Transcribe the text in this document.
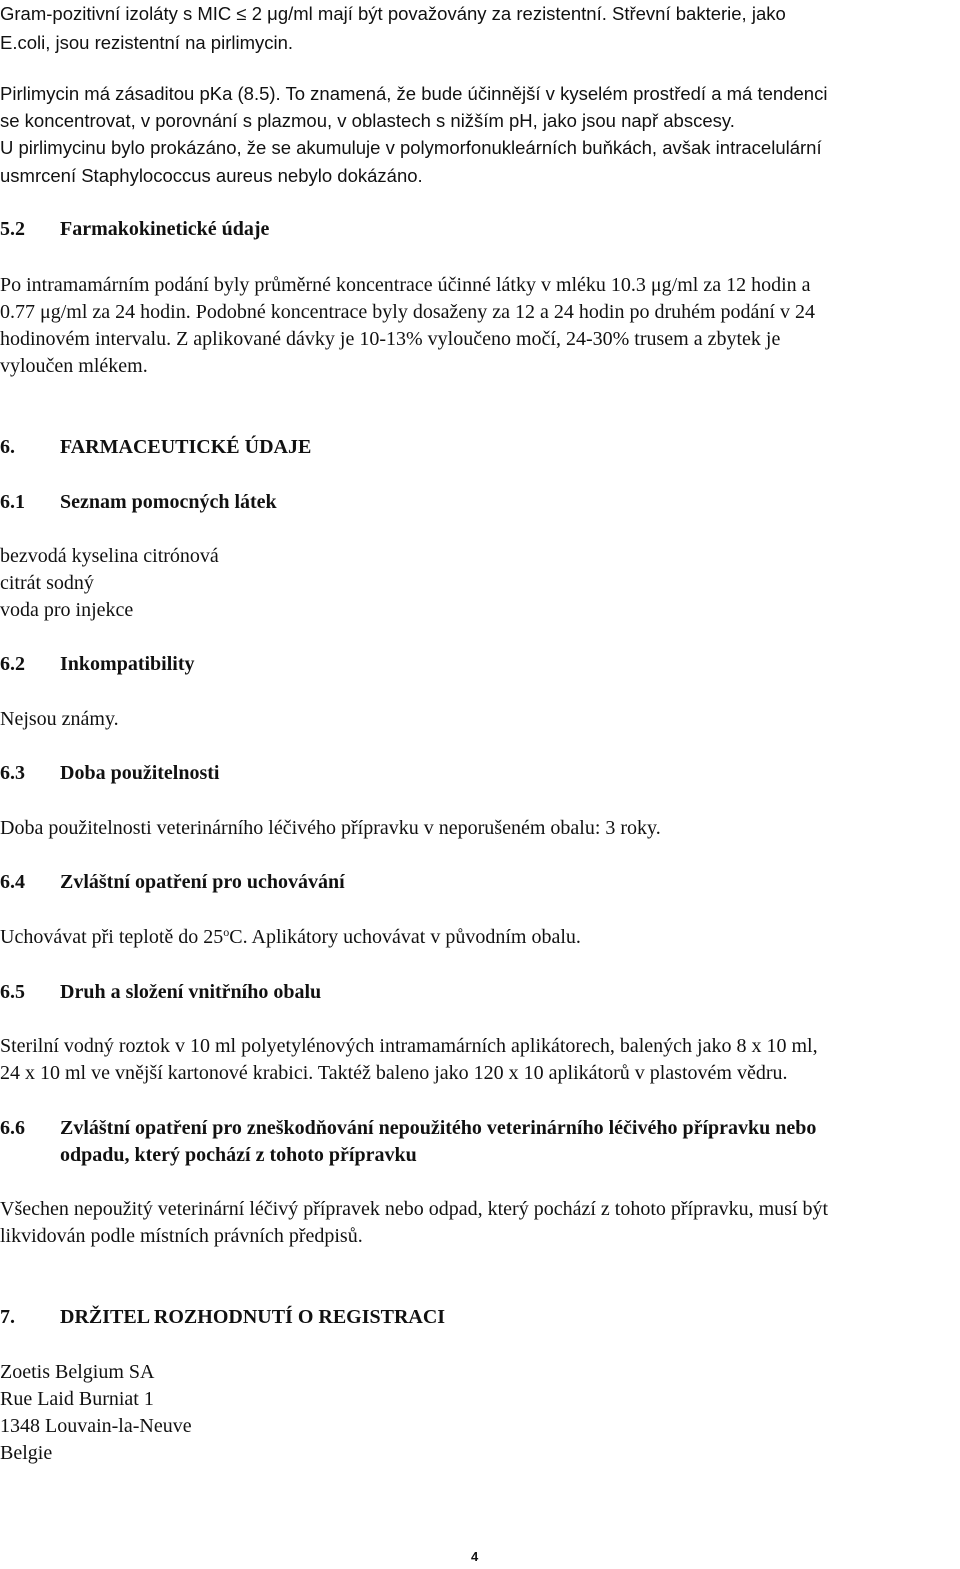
Gram-pozitivní izoláty s MIC ≤ 2 μg/ml mají být považovány za rezistentní. Střevní bakterie, jako

E.coli, jsou rezistentní na pirlimycin.

Pirlimycin má zásaditou pKa (8.5). To znamená, že bude účinnější v kyselém prostředí a má tendenci

se koncentrovat, v porovnání s plazmou, v oblastech s nižším pH, jako jsou např abscesy.

U pirlimycinu bylo prokázáno, že se akumuluje v polymorfonukleárních buňkách, avšak intracelulární

usmrcení Staphylococcus aureus nebylo dokázáno.

5.2 Farmakokinetické údaje

Po intramamárním podání byly průměrné koncentrace účinné látky v mléku 10.3 μg/ml za 12 hodin a

0.77 μg/ml za 24 hodin. Podobné koncentrace byly dosaženy za 12 a 24 hodin po druhém podání v 24

hodinovém intervalu. Z aplikované dávky je 10-13% vyloučeno močí, 24-30% trusem a zbytek je

vyloučen mlékem.

6. FARMACEUTICKÉ ÚDAJE

6.1 Seznam pomocných látek

bezvodá kyselina citrónová

citrát sodný

voda pro injekce

6.2 Inkompatibility

Nejsou známy.

6.3 Doba použitelnosti

Doba použitelnosti veterinárního léčivého přípravku v neporušeném obalu: 3 roky.

6.4 Zvláštní opatření pro uchovávání

Uchovávat při teplotě do 25$^o$C. Aplikátory uchovávat v původním obalu.

6.5 Druh a složení vnitřního obalu

Sterilní vodný roztok v 10 ml polyetylénových intramamárních aplikátorech, balených jako 8 x 10 ml,

24 x 10 ml ve vnější kartonové krabici. Taktéž baleno jako 120 x 10 aplikátorů v plastovém vědru.

6.6 Zvláštní opatření pro zneškodňování nepoužitého veterinárního léčivého přípravku nebo

odpadu, který pochází z tohoto přípravku

Všechen nepoužitý veterinární léčivý přípravek nebo odpad, který pochází z tohoto přípravku, musí být

likvidován podle místních právních předpisů.

7. DRŽITEL ROZHODNUTÍ O REGISTRACI

Zoetis Belgium SA

Rue Laid Burniat 1

1348 Louvain-la-Neuve

Belgie

4
